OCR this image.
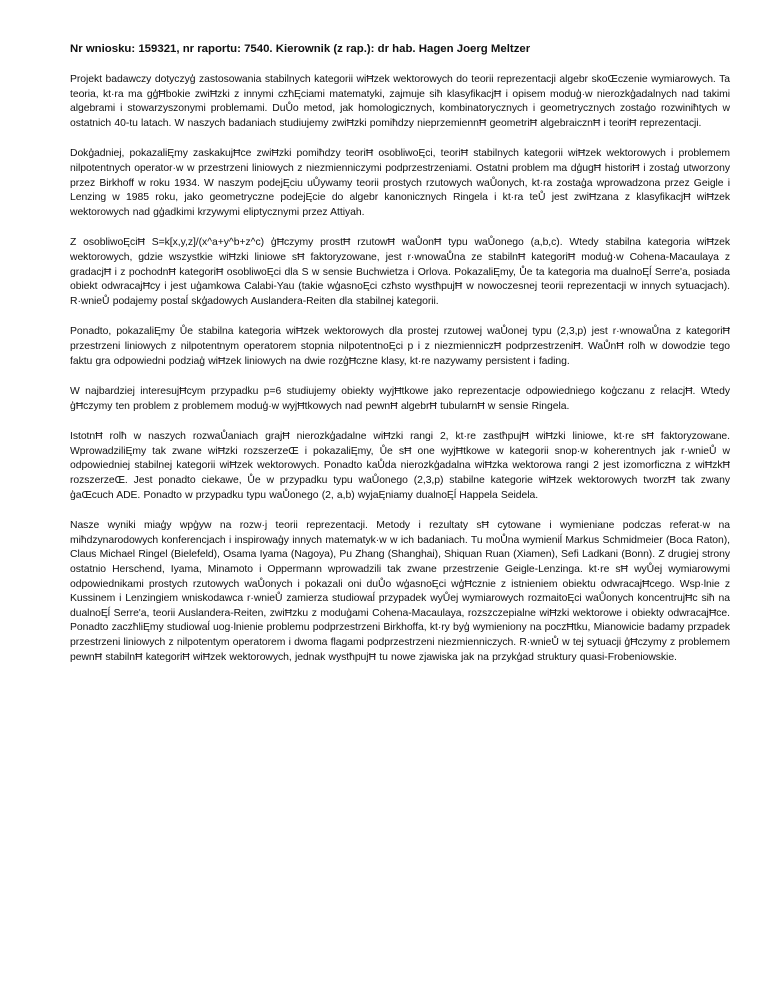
Nr wniosku: 159321, nr raportu: 7540. Kierownik (z rap.): dr hab. Hagen Joerg Meltzer

Projekt badawczy dotyczyģ zastosowania stabilnych kategorii wiĦzek wektorowych do teorii reprezentacji algebr skoŒczenie wymiarowych. Ta teoria, kt·ra ma gģĦbokie zwiĦzki z innymi czħĘciami matematyki, zajmuje siħ klasyfikacjĦ i opisem moduģ·w nierozkģadalnych nad takimi algebrami i stowarzyszonymi problemami. DuŮo metod, jak homologicznych, kombinatorycznych i geometrycznych zostaģo rozwiniħtych w ostatnich 40-tu latach. W naszych badaniach studiujemy zwiĦzki pomiħdzy nieprzemiennĦ geometriĦ algebraicznĦ i teoriĦ reprezentacji.

Dokģadniej, pokazaliĘmy zaskakujĦce zwiĦzki pomiħdzy teoriĦ osobliwoĘci, teoriĦ stabilnych kategorii wiĦzek wektorowych i problemem nilpotentnych operator·w w przestrzeni liniowych z niezmienniczymi podprzestrzeniami. Ostatni problem ma dģugĦ historiĦ i zostaģ utworzony przez Birkhoff w roku 1934. W naszym podejĘciu uŮywamy teorii prostych rzutowych waŮonych, kt·ra zostaģa wprowadzona przez Geigle i Lenzing w 1985 roku, jako geometryczne podejĘcie do algebr kanonicznych Ringela i kt·ra teŮ jest zwiĦzana z klasyfikacjĦ wiĦzek wektorowych nad gģadkimi krzywymi eliptycznymi przez Attiyah.

Z osobliwoĘciĦ S=k[x,y,z]/(x^a+y^b+z^c) ģĦczymy prostĦ rzutowĦ waŮonĦ typu waŮonego (a,b,c). Wtedy stabilna kategoria wiĦzek wektorowych, gdzie wszystkie wiĦzki liniowe sĦ faktoryzowane, jest r·wnowaŮna ze stabilnĦ kategoriĦ moduģ·w Cohena-Macaulaya z gradacjĦ i z pochodnĦ kategoriĦ osobliwoĘci dla S w sensie Buchwietza i Orlova. PokazaliĘmy, Ůe ta kategoria ma dualnoĘĺ Serre'a, posiada obiekt odwracajĦcy i jest uģamkowa Calabi-Yau (takie wģasnoĘci czħsto wystħpujĦ w nowoczesnej teorii reprezentacji w innych sytuacjach). R·wnieŮ podajemy postaĺ skģadowych Auslandera-Reiten dla stabilnej kategorii.

Ponadto, pokazaliĘmy Ůe stabilna kategoria wiĦzek wektorowych dla prostej rzutowej waŮonej typu (2,3,p) jest r·wnowaŮna z kategoriĦ przestrzeni liniowych z nilpotentnym operatorem stopnia nilpotentnoĘci p i z niezmienniczĦ podprzestrzeniĦ. WaŮnĦ rolħ w dowodzie tego faktu gra odpowiedni podziaģ wiĦzek liniowych na dwie rozģĦczne klasy, kt·re nazywamy persistent i fading.

W najbardziej interesujĦcym przypadku p=6 studiujemy obiekty wyjĦtkowe jako reprezentacje odpowiedniego koģczanu z relacjĦ. Wtedy ģĦczymy ten problem z problemem moduģ·w wyjĦtkowych nad pewnĦ algebrĦ tubularnĦ w sensie Ringela.

IstotnĦ rolħ w naszych rozwaŮaniach grajĦ nierozkģadalne wiĦzki rangi 2, kt·re zastħpujĦ wiĦzki liniowe, kt·re sĦ faktoryzowane. WprowadziliĘmy tak zwane wiĦzki rozszerzeŒ i pokazaliĘmy, Ůe sĦ one wyjĦtkowe w kategorii snop·w koherentnych jak r·wnieŮ w odpowiedniej stabilnej kategorii wiĦzek wektorowych. Ponadto kaŮda nierozkģadalna wiĦzka wektorowa rangi 2 jest izomorficzna z wiĦzkĦ rozszerzeŒ. Jest ponadto ciekawe, Ůe w przypadku typu waŮonego (2,3,p) stabilne kategorie wiĦzek wektorowych tworzĦ tak zwany ģaŒcuch ADE. Ponadto w przypadku typu waŮonego (2, a,b) wyjaĘniamy dualnoĘĺ Happela Seidela.

Nasze wyniki miaģy wpģyw na rozw·j teorii reprezentacji. Metody i rezultaty sĦ cytowane i wymieniane podczas referat·w na miħdzynarodowych konferencjach i inspirowaģy innych matematyk·w w ich badaniach. Tu moŮna wymieniĺ Markus Schmidmeier (Boca Raton), Claus Michael Ringel (Bielefeld), Osama Iyama (Nagoya), Pu Zhang (Shanghai), Shiquan Ruan (Xiamen), Sefi Ladkani (Bonn). Z drugiej strony ostatnio Herschend, Iyama, Minamoto i Oppermann wprowadzili tak zwane przestrzenie Geigle-Lenzinga. kt·re sĦ wyŮej wymiarowymi odpowiednikami prostych rzutowych waŮonych i pokazali oni duŮo wģasnoĘci wģĦcznie z istnieniem obiektu odwracajĦcego. Wsp·lnie z Kussinem i Lenzingiem wniskodawca r·wnieŮ zamierza studiowaĺ przypadek wyŮej wymiarowych rozmaitoĘci waŮonych koncentrujĦc siħ na dualnoĘĺ Serre'a, teorii Auslandera-Reiten, zwiĦzku z moduģami Cohena-Macaulaya, rozszczepialne wiĦzki wektorowe i obiekty odwracajĦce. Ponadto zaczħliĘmy studiowaĺ uog·lnienie problemu podprzestrzeni Birkhoffa, kt·ry byģ wymieniony na poczĦtku, Mianowicie badamy przpadek przestrzeni liniowych z nilpotentym operatorem i dwoma flagami podprzestrzeni niezmienniczych. R·wnieŮ w tej sytuacji ģĦczymy z problemem pewnĦ stabilnĦ kategoriĦ wiĦzek wektorowych, jednak wystħpujĦ tu nowe zjawiska jak na przykģad struktury quasi-Frobeniowskie.
